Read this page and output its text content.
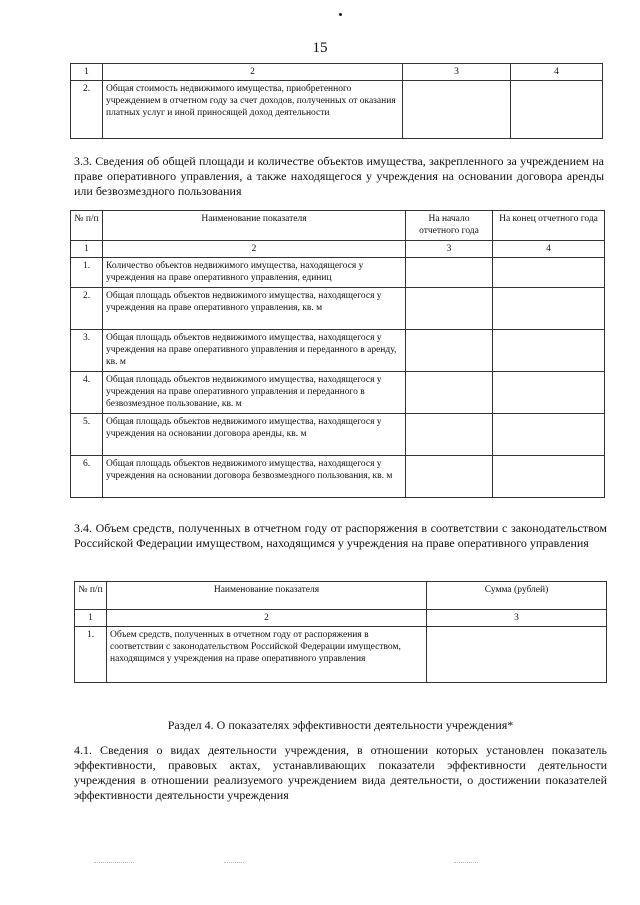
15
1	2	3	4
2.	Общая стоимость недвижимого имущества, приобретенного учреждением в отчетном году за счет доходов, полученных от оказания платных услуг и иной приносящей доход деятельности		
3.3. Сведения об общей площади и количестве объектов имущества, закрепленного за учреждением на праве оперативного управления, а также находящегося у учреждения на основании договора аренды или безвозмездного пользования
№ п/п	Наименование показателя	На начало отчетного года	На конец отчетного года
1	2	3	4
1.	Количество объектов недвижимого имущества, находящегося у учреждения на праве оперативного управления, единиц		
2.	Общая площадь объектов недвижимого имущества, находящегося у учреждения на праве оперативного управления, кв. м		
3.	Общая площадь объектов недвижимого имущества, находящегося у учреждения на праве оперативного управления и переданного в аренду, кв. м		
4.	Общая площадь объектов недвижимого имущества, находящегося у учреждения на праве оперативного управления и переданного в безвозмездное пользование, кв. м		
5.	Общая площадь объектов недвижимого имущества, находящегося у учреждения на основании договора аренды, кв. м		
6.	Общая площадь объектов недвижимого имущества, находящегося у учреждения на основании договора безвозмездного пользования, кв. м		
3.4. Объем средств, полученных в отчетном году от распоряжения в соответствии с законодательством Российской Федерации имуществом, находящимся у учреждения на праве оперативного управления
№ п/п	Наименование показателя	Сумма (рублей)
1	2	3
1.	Объем средств, полученных в отчетном году от распоряжения в соответствии с законодательством Российской Федерации имуществом, находящимся у учреждения на праве оперативного управления	
Раздел 4. О показателях эффективности деятельности учреждения*
4.1. Сведения о видах деятельности учреждения, в отношении которых установлен показатель эффективности, правовых актах, устанавливающих показатели эффективности деятельности учреждения в отношении реализуемого учреждением вида деятельности, о достижении показателей эффективности деятельности учреждения
